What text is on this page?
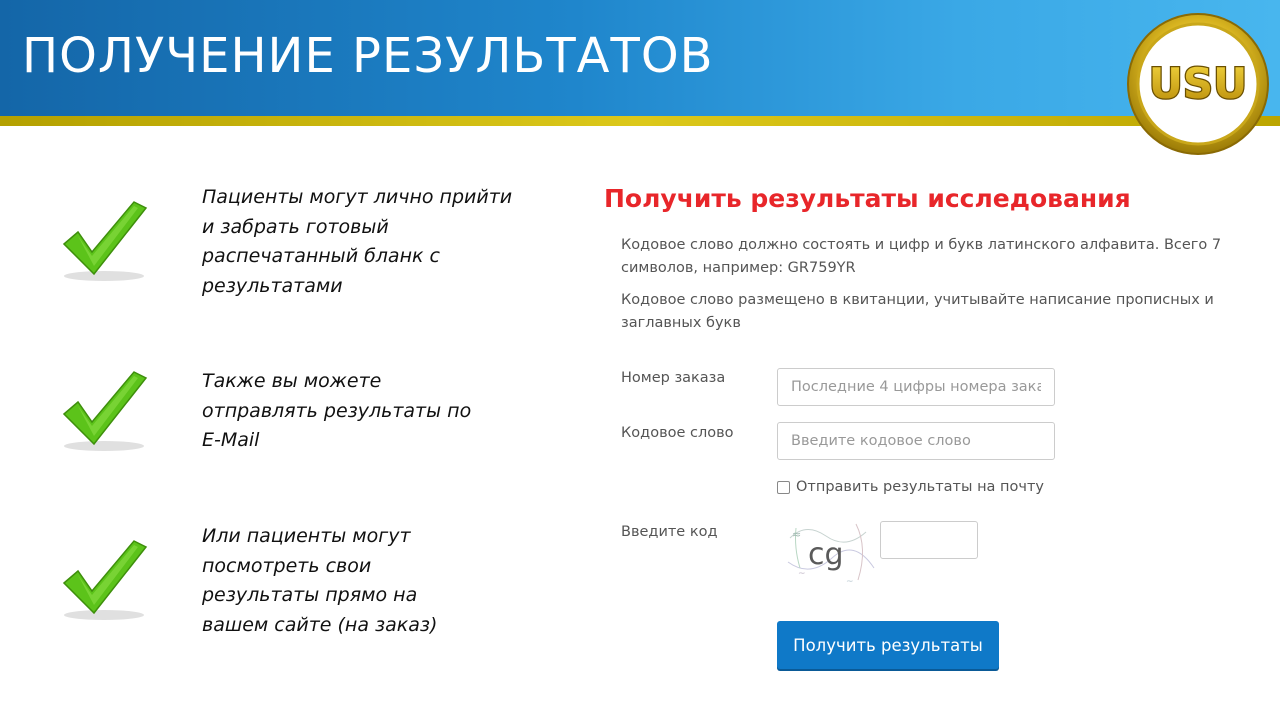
ПОЛУЧЕНИЕ РЕЗУЛЬТАТОВ	USU
Пациенты могут лично прийти и забрать готовый распечатанный бланк с результатами
Также вы можете отправлять результаты по E-Mail
Или пациенты могут посмотреть свои результаты прямо на вашем сайте (на заказ)
Получить результаты исследования
Кодовое слово должно состоять и цифр и букв латинского алфавита. Всего 7 символов, например: GR759YR
Кодовое слово размещено в квитанции, учитывайте написание прописных и заглавных букв
Номер заказа
Последние 4 цифры номера заказа
Кодовое слово
Введите кодовое слово
Отправить результаты на почту
Введите код	≈
~
~
cg
Получить результаты
